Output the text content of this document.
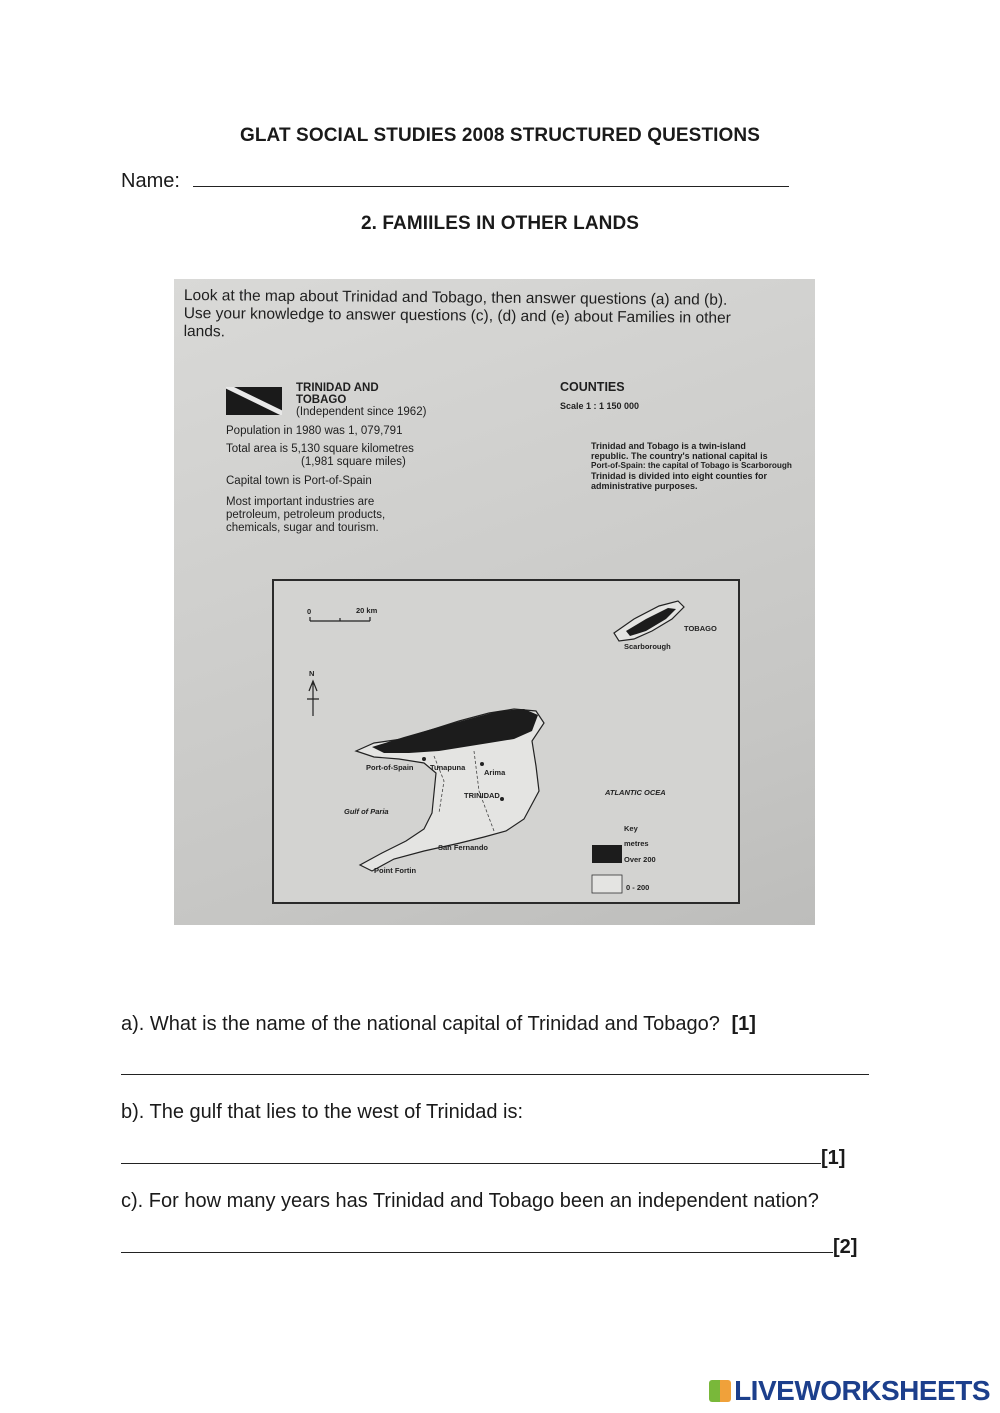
GLAT SOCIAL STUDIES 2008 STRUCTURED QUESTIONS
Name:
2. FAMIILES IN OTHER LANDS
Look at the map about Trinidad and Tobago, then answer questions (a) and (b).
Use your knowledge to answer questions (c), (d) and (e) about Families in other
lands.
TRINIDAD AND
TOBAGO
(Independent since 1962)
Population in 1980 was 1, 079,791
Total area is 5,130 square kilometres
(1,981 square miles)
Capital town is Port-of-Spain
Most important industries are
petroleum, petroleum products,
chemicals, sugar and tourism.
COUNTIES
Scale 1 : 1 150 000
Trinidad and Tobago is a twin-island
republic. The country's national capital is
Port-of-Spain: the capital of Tobago is Scarborough
Trinidad is divided into eight counties for
administrative purposes.
0	20 km
N
TOBAGO
Scarborough
Port-of-Spain Tunapuna
Arima
TRINIDAD	ATLANTIC OCEA
Gulf of Paria
Key
metres
San Fernando
Over 200
Point Fortin
0 - 200
a). What is the name of the national capital of Trinidad and Tobago? [1]
b). The gulf that lies to the west of Trinidad is:
[1]
c). For how many years has Trinidad and Tobago been an independent nation?
[2]
LIVEWORKSHEETS
